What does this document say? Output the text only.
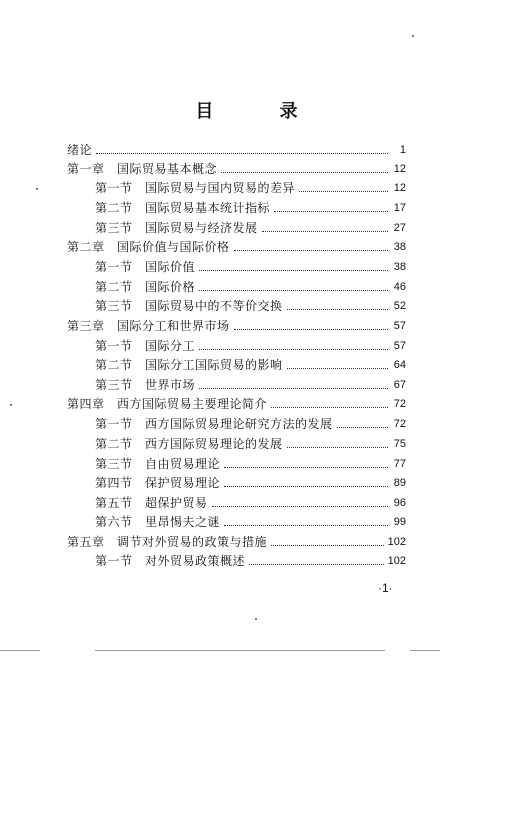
目 录
绪论	1
第一章　国际贸易基本概念	12
第一节　国际贸易与国内贸易的差异	12
第二节　国际贸易基本统计指标	17
第三节　国际贸易与经济发展	27
第二章　国际价值与国际价格	38
第一节　国际价值	38
第二节　国际价格	46
第三节　国际贸易中的不等价交换	52
第三章　国际分工和世界市场	57
第一节　国际分工	57
第二节　国际分工国际贸易的影响	64
第三节　世界市场	67
第四章　西方国际贸易主要理论简介	72
第一节　西方国际贸易理论研究方法的发展	72
第二节　西方国际贸易理论的发展	75
第三节　自由贸易理论	77
第四节　保护贸易理论	89
第五节　超保护贸易	96
第六节　里昂惕夫之谜	99
第五章　调节对外贸易的政策与措施	102
第一节　对外贸易政策概述	102
·1·
